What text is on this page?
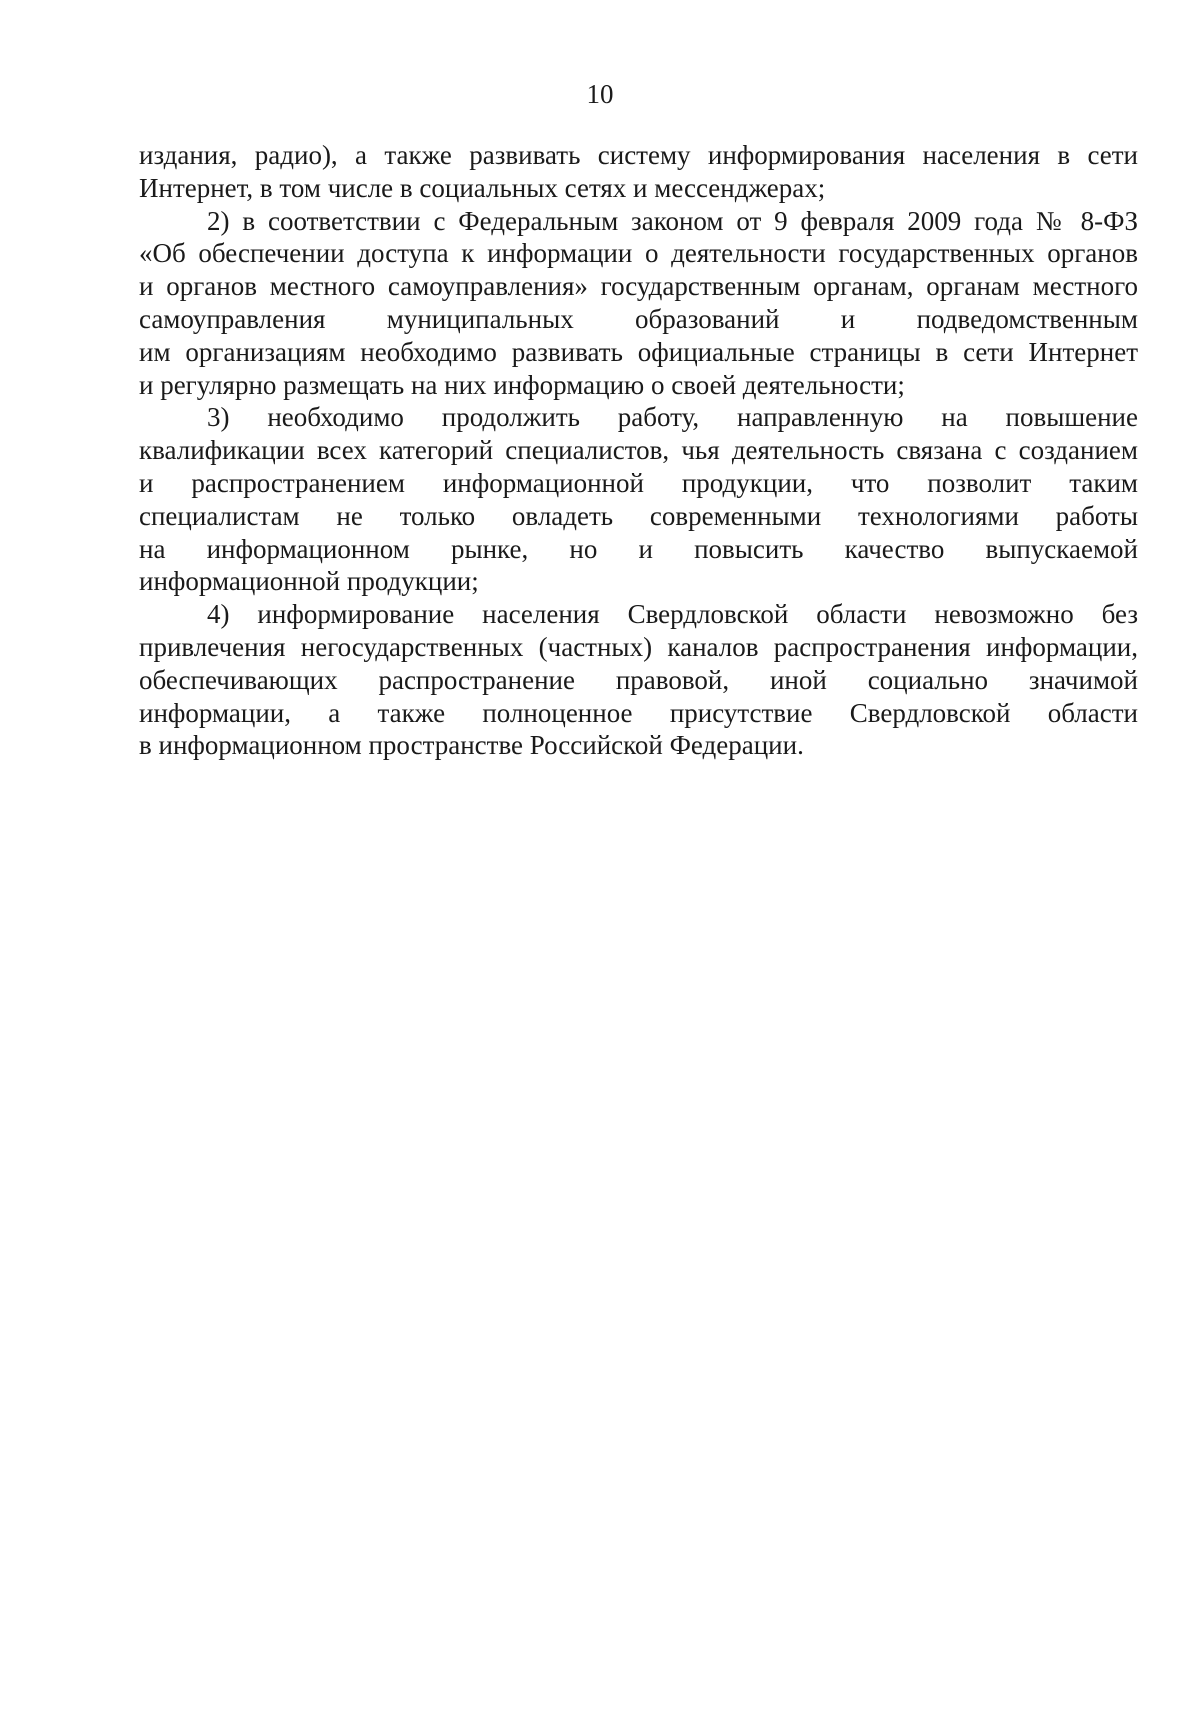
10
издания, радио), а также развивать систему информирования населения в сети
Интернет, в том числе в социальных сетях и мессенджерах;
2) в соответствии с Федеральным законом от 9 февраля 2009 года № 8-ФЗ
«Об обеспечении доступа к информации о деятельности государственных органов
и органов местного самоуправления» государственным органам, органам местного
самоуправления муниципальных образований и подведомственным
им организациям необходимо развивать официальные страницы в сети Интернет
и регулярно размещать на них информацию о своей деятельности;
3) необходимо продолжить работу, направленную на повышение
квалификации всех категорий специалистов, чья деятельность связана с созданием
и распространением информационной продукции, что позволит таким
специалистам не только овладеть современными технологиями работы
на информационном рынке, но и повысить качество выпускаемой
информационной продукции;
4) информирование населения Свердловской области невозможно без
привлечения негосударственных (частных) каналов распространения информации,
обеспечивающих распространение правовой, иной социально значимой
информации, а также полноценное присутствие Свердловской области
в информационном пространстве Российской Федерации.
